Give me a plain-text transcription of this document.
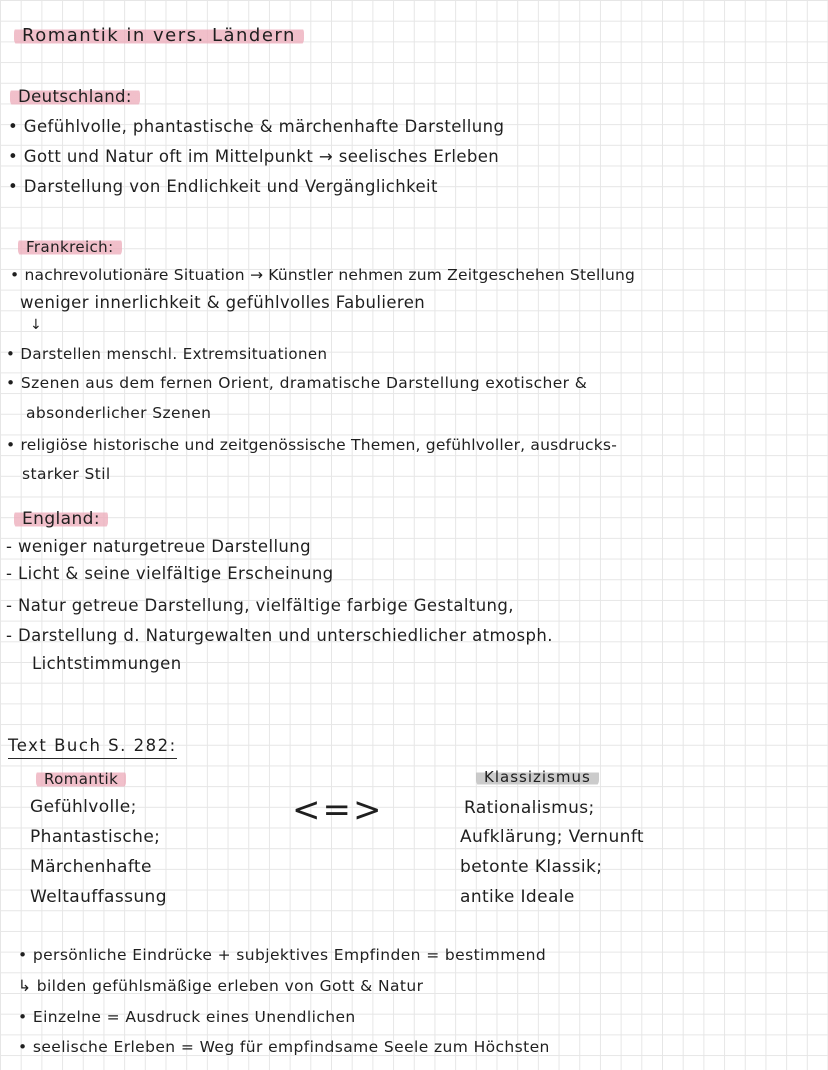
Romantik in vers. Ländern
Deutschland:
• Gefühlvolle, phantastische & märchenhafte Darstellung
• Gott und Natur oft im Mittelpunkt → seelisches Erleben
• Darstellung von Endlichkeit und Vergänglichkeit
Frankreich:
• nachrevolutionäre Situation → Künstler nehmen zum Zeitgeschehen Stellung
weniger innerlichkeit & gefühlvolles Fabulieren
↓
• Darstellen menschl. Extremsituationen
• Szenen aus dem fernen Orient, dramatische Darstellung exotischer &
absonderlicher Szenen
• religiöse historische und zeitgenössische Themen, gefühlvoller, ausdrucks-
starker Stil
England:
- weniger naturgetreue Darstellung
- Licht & seine vielfältige Erscheinung
- Natur getreue Darstellung, vielfältige farbige Gestaltung,
- Darstellung d. Naturgewalten und unterschiedlicher atmosph.
Lichtstimmungen
Text Buch S. 282:
Romantik
Gefühlvolle;
Phantastische;
Märchenhafte
Weltauffassung
<=>
Klassizismus
Rationalismus;
Aufklärung; Vernunft
betonte Klassik;
antike Ideale
• persönliche Eindrücke + subjektives Empfinden = bestimmend
↳ bilden gefühlsmäßige erleben von Gott & Natur
• Einzelne = Ausdruck eines Unendlichen
• seelische Erleben = Weg für empfindsame Seele zum Höchsten
